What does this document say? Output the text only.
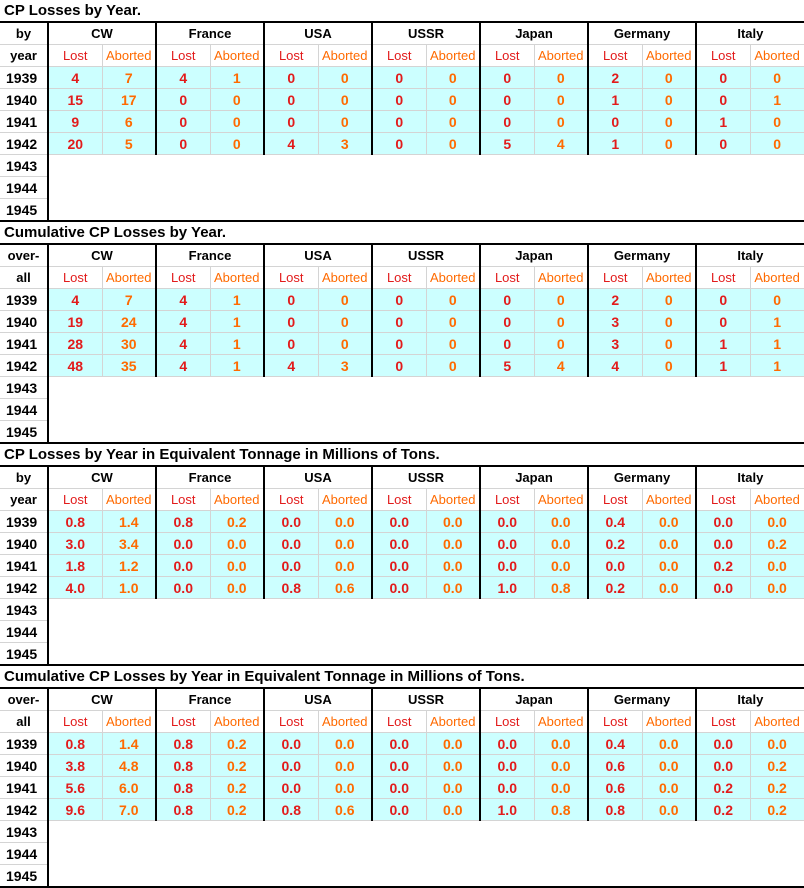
CP Losses by Year.														
by	CW		France		USA		USSR		Japan		Germany		Italy	
year	Lost	Aborted	Lost	Aborted	Lost	Aborted	Lost	Aborted	Lost	Aborted	Lost	Aborted	Lost	Aborted
1939	4	7	4	1	0	0	0	0	0	0	2	0	0	0
1940	15	17	0	0	0	0	0	0	0	0	1	0	0	1
1941	9	6	0	0	0	0	0	0	0	0	0	0	1	0
1942	20	5	0	0	4	3	0	0	5	4	1	0	0	0
1943														
1944														
1945														
Cumulative CP Losses by Year.														
over-	CW		France		USA		USSR		Japan		Germany		Italy	
all	Lost	Aborted	Lost	Aborted	Lost	Aborted	Lost	Aborted	Lost	Aborted	Lost	Aborted	Lost	Aborted
1939	4	7	4	1	0	0	0	0	0	0	2	0	0	0
1940	19	24	4	1	0	0	0	0	0	0	3	0	0	1
1941	28	30	4	1	0	0	0	0	0	0	3	0	1	1
1942	48	35	4	1	4	3	0	0	5	4	4	0	1	1
1943														
1944														
1945														
CP Losses by Year in Equivalent Tonnage in Millions of Tons.														
by	CW		France		USA		USSR		Japan		Germany		Italy	
year	Lost	Aborted	Lost	Aborted	Lost	Aborted	Lost	Aborted	Lost	Aborted	Lost	Aborted	Lost	Aborted
1939	0.8	1.4	0.8	0.2	0.0	0.0	0.0	0.0	0.0	0.0	0.4	0.0	0.0	0.0
1940	3.0	3.4	0.0	0.0	0.0	0.0	0.0	0.0	0.0	0.0	0.2	0.0	0.0	0.2
1941	1.8	1.2	0.0	0.0	0.0	0.0	0.0	0.0	0.0	0.0	0.0	0.0	0.2	0.0
1942	4.0	1.0	0.0	0.0	0.8	0.6	0.0	0.0	1.0	0.8	0.2	0.0	0.0	0.0
1943														
1944														
1945														
Cumulative CP Losses by Year in Equivalent Tonnage in Millions of Tons.														
over-	CW		France		USA		USSR		Japan		Germany		Italy	
all	Lost	Aborted	Lost	Aborted	Lost	Aborted	Lost	Aborted	Lost	Aborted	Lost	Aborted	Lost	Aborted
1939	0.8	1.4	0.8	0.2	0.0	0.0	0.0	0.0	0.0	0.0	0.4	0.0	0.0	0.0
1940	3.8	4.8	0.8	0.2	0.0	0.0	0.0	0.0	0.0	0.0	0.6	0.0	0.0	0.2
1941	5.6	6.0	0.8	0.2	0.0	0.0	0.0	0.0	0.0	0.0	0.6	0.0	0.2	0.2
1942	9.6	7.0	0.8	0.2	0.8	0.6	0.0	0.0	1.0	0.8	0.8	0.0	0.2	0.2
1943														
1944														
1945														
